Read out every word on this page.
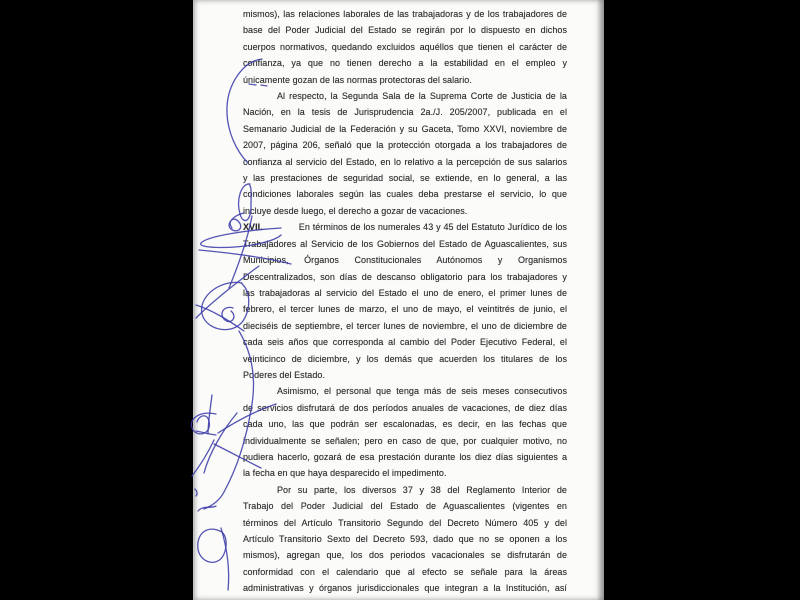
mismos), las relaciones laborales de las trabajadoras y de los trabajadores de
base del Poder Judicial del Estado se regirán por lo dispuesto en dichos
cuerpos normativos, quedando excluidos aquéllos que tienen el carácter de
confianza, ya que no tienen derecho a la estabilidad en el empleo y
únicamente gozan de las normas protectoras del salario.
Al respecto, la Segunda Sala de la Suprema Corte de Justicia de la
Nación, en la tesis de Jurisprudencia 2a./J. 205/2007, publicada en el
Semanario Judicial de la Federación y su Gaceta, Tomo XXVI, noviembre de
2007, página 206, señaló que la protección otorgada a los trabajadores de
confianza al servicio del Estado, en lo relativo a la percepción de sus salarios
y las prestaciones de seguridad social, se extiende, en lo general, a las
condiciones laborales según las cuales deba prestarse el servicio, lo que
incluye desde luego, el derecho a gozar de vacaciones.
XVII.	En términos de los numerales 43 y 45 del Estatuto Jurídico de los
Trabajadores al Servicio de los Gobiernos del Estado de Aguascalientes, sus
Municipios, Órganos Constitucionales Autónomos y Organismos
Descentralizados, son días de descanso obligatorio para los trabajadores y
las trabajadoras al servicio del Estado el uno de enero, el primer lunes de
febrero, el tercer lunes de marzo, el uno de mayo, el veintitrés de junio, el
dieciséis de septiembre, el tercer lunes de noviembre, el uno de diciembre de
cada seis años que corresponda al cambio del Poder Ejecutivo Federal, el
veinticinco de diciembre, y los demás que acuerden los titulares de los
Poderes del Estado.
Asimismo, el personal que tenga más de seis meses consecutivos
de servicios disfrutará de dos períodos anuales de vacaciones, de diez días
cada uno, las que podrán ser escalonadas, es decir, en las fechas que
individualmente se señalen; pero en caso de que, por cualquier motivo, no
pudiera hacerlo, gozará de esa prestación durante los diez días siguientes a
la fecha en que haya desparecido el impedimento.
Por su parte, los diversos 37 y 38 del Reglamento Interior de
Trabajo del Poder Judicial del Estado de Aguascalientes (vigentes en
términos del Artículo Transitorio Segundo del Decreto Número 405 y del
Artículo Transitorio Sexto del Decreto 593, dado que no se oponen a los
mismos), agregan que, los dos periodos vacacionales se disfrutarán de
conformidad con el calendario que al efecto se señale para la áreas
administrativas y órganos jurisdiccionales que integran a la Institución, así
